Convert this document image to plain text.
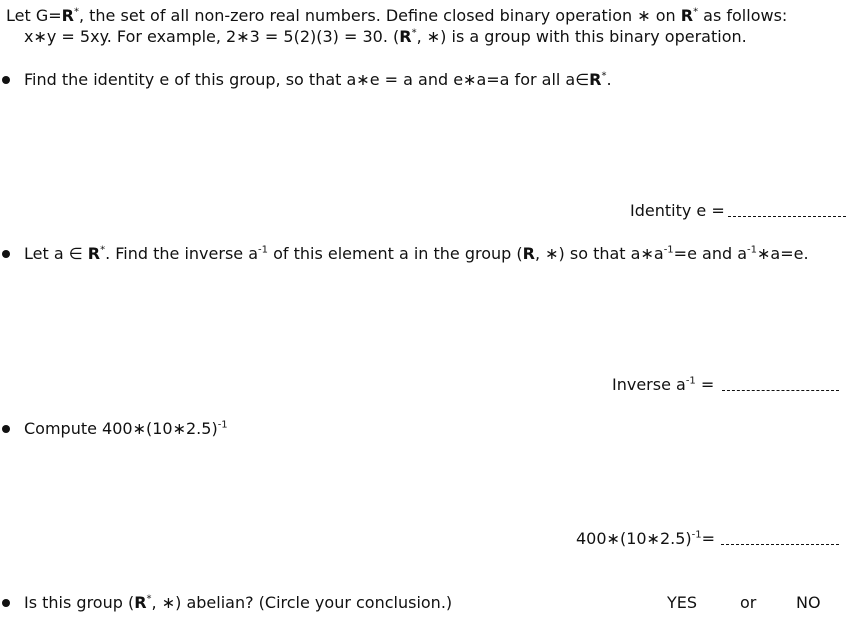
Let G=R*, the set of all non-zero real numbers. Define closed binary operation ∗ on R* as follows:
x∗y = 5xy. For example, 2∗3 = 5(2)(3) = 30. (R*, ∗) is a group with this binary operation.
Find the identity e of this group, so that a∗e = a and e∗a=a for all a∈R*.
Identity e =
Let a ∈ R*. Find the inverse $a^{-1}$ of this element a in the group (R, ∗) so that $a∗a^{-1}=e$ and $a^{-1}∗a=e$.
Inverse $a^{-1}$ =
Compute 400∗(10∗2.5)$^{-1}$
400∗(10∗2.5)$^{-1}$=
Is this group (R*, ∗) abelian? (Circle your conclusion.)	YES	or NO
